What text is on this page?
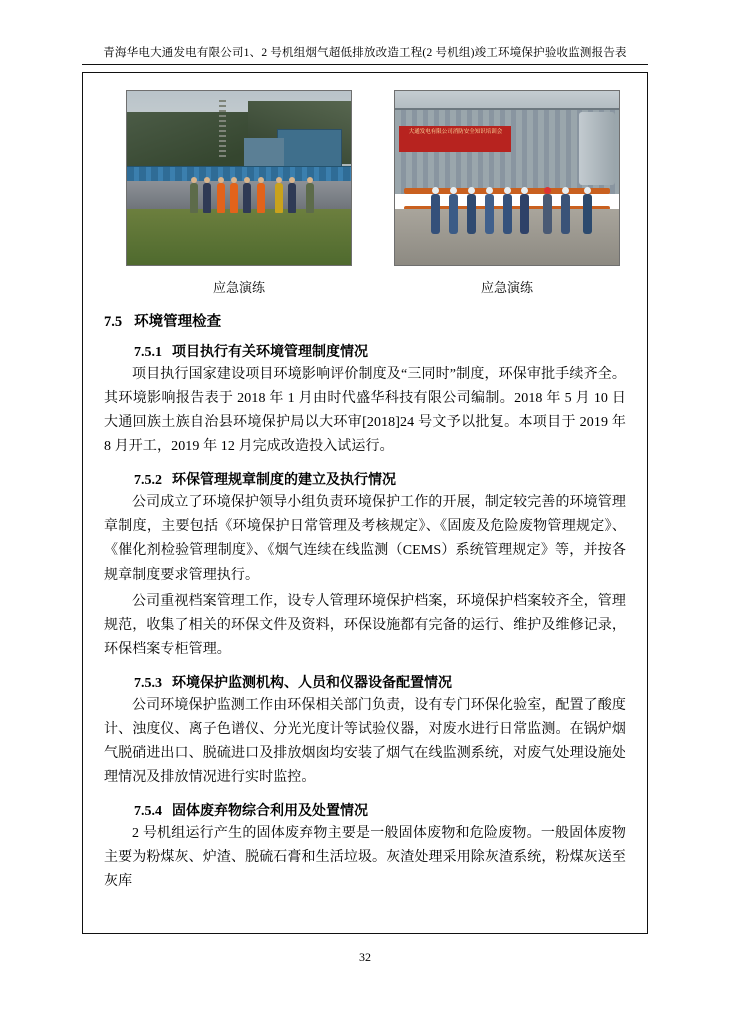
青海华电大通发电有限公司1、2 号机组烟气超低排放改造工程(2 号机组)竣工环境保护验收监测报告表
应急演练
大通发电有限公司消防安全知识培训会
应急演练
7.5 环境管理检查
7.5.1 项目执行有关环境管理制度情况

项目执行国家建设项目环境影响评价制度及“三同时”制度，环保审批手续齐全。其环境影响报告表于 2018 年 1 月由时代盛华科技有限公司编制。2018 年 5 月 10 日大通回族土族自治县环境保护局以大环审[2018]24 号文予以批复。本项目于 2019 年 8 月开工，2019 年 12 月完成改造投入试运行。

7.5.2 环保管理规章制度的建立及执行情况

公司成立了环境保护领导小组负责环境保护工作的开展，制定较完善的环境管理章制度，主要包括《环境保护日常管理及考核规定》、《固废及危险废物管理规定》、《催化剂检验管理制度》、《烟气连续在线监测（CEMS）系统管理规定》等，并按各规章制度要求管理执行。

公司重视档案管理工作，设专人管理环境保护档案，环境保护档案较齐全，管理规范，收集了相关的环保文件及资料，环保设施都有完备的运行、维护及维修记录，环保档案专柜管理。

7.5.3 环境保护监测机构、人员和仪器设备配置情况

公司环境保护监测工作由环保相关部门负责，设有专门环保化验室，配置了酸度计、浊度仪、离子色谱仪、分光光度计等试验仪器，对废水进行日常监测。在锅炉烟气脱硝进出口、脱硫进口及排放烟囱均安装了烟气在线监测系统，对废气处理设施处理情况及排放情况进行实时监控。

7.5.4 固体废弃物综合利用及处置情况

2 号机组运行产生的固体废弃物主要是一般固体废物和危险废物。一般固体废物主要为粉煤灰、炉渣、脱硫石膏和生活垃圾。灰渣处理采用除灰渣系统，粉煤灰送至灰库

32
